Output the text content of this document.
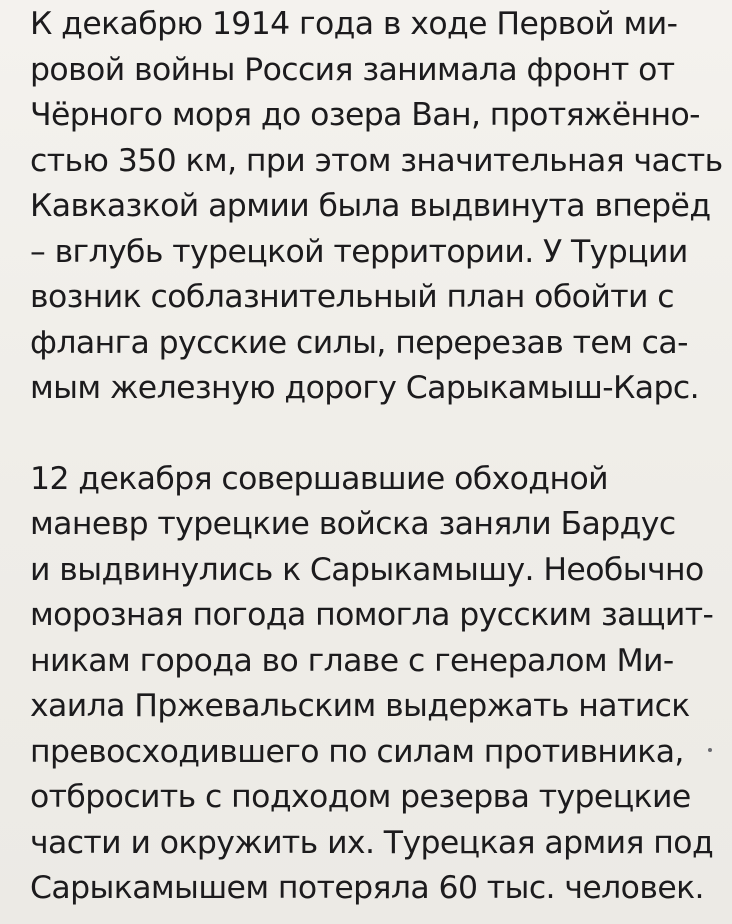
К декабрю 1914 года в ходе Первой ми-
ровой войны Россия занимала фронт от
Чёрного моря до озера Ван, протяжённо-
стью 350 км, при этом значительная часть
Кавказкой армии была выдвинута вперёд
– вглубь турецкой территории. У Турции
возник соблазнительный план обойти с
фланга русские силы, перерезав тем са-
мым железную дорогу Сарыкамыш-Карс.

12 декабря совершавшие обходной
маневр турецкие войска заняли Бардус
и выдвинулись к Сарыкамышу. Необычно
морозная погода помогла русским защит-
никам города во главе с генералом Ми-
хаила Пржевальским выдержать натиск
превосходившего по силам противника,
отбросить с подходом резерва турецкие
части и окружить их. Турецкая армия под
Сарыкамышем потеряла 60 тыс. человек.
